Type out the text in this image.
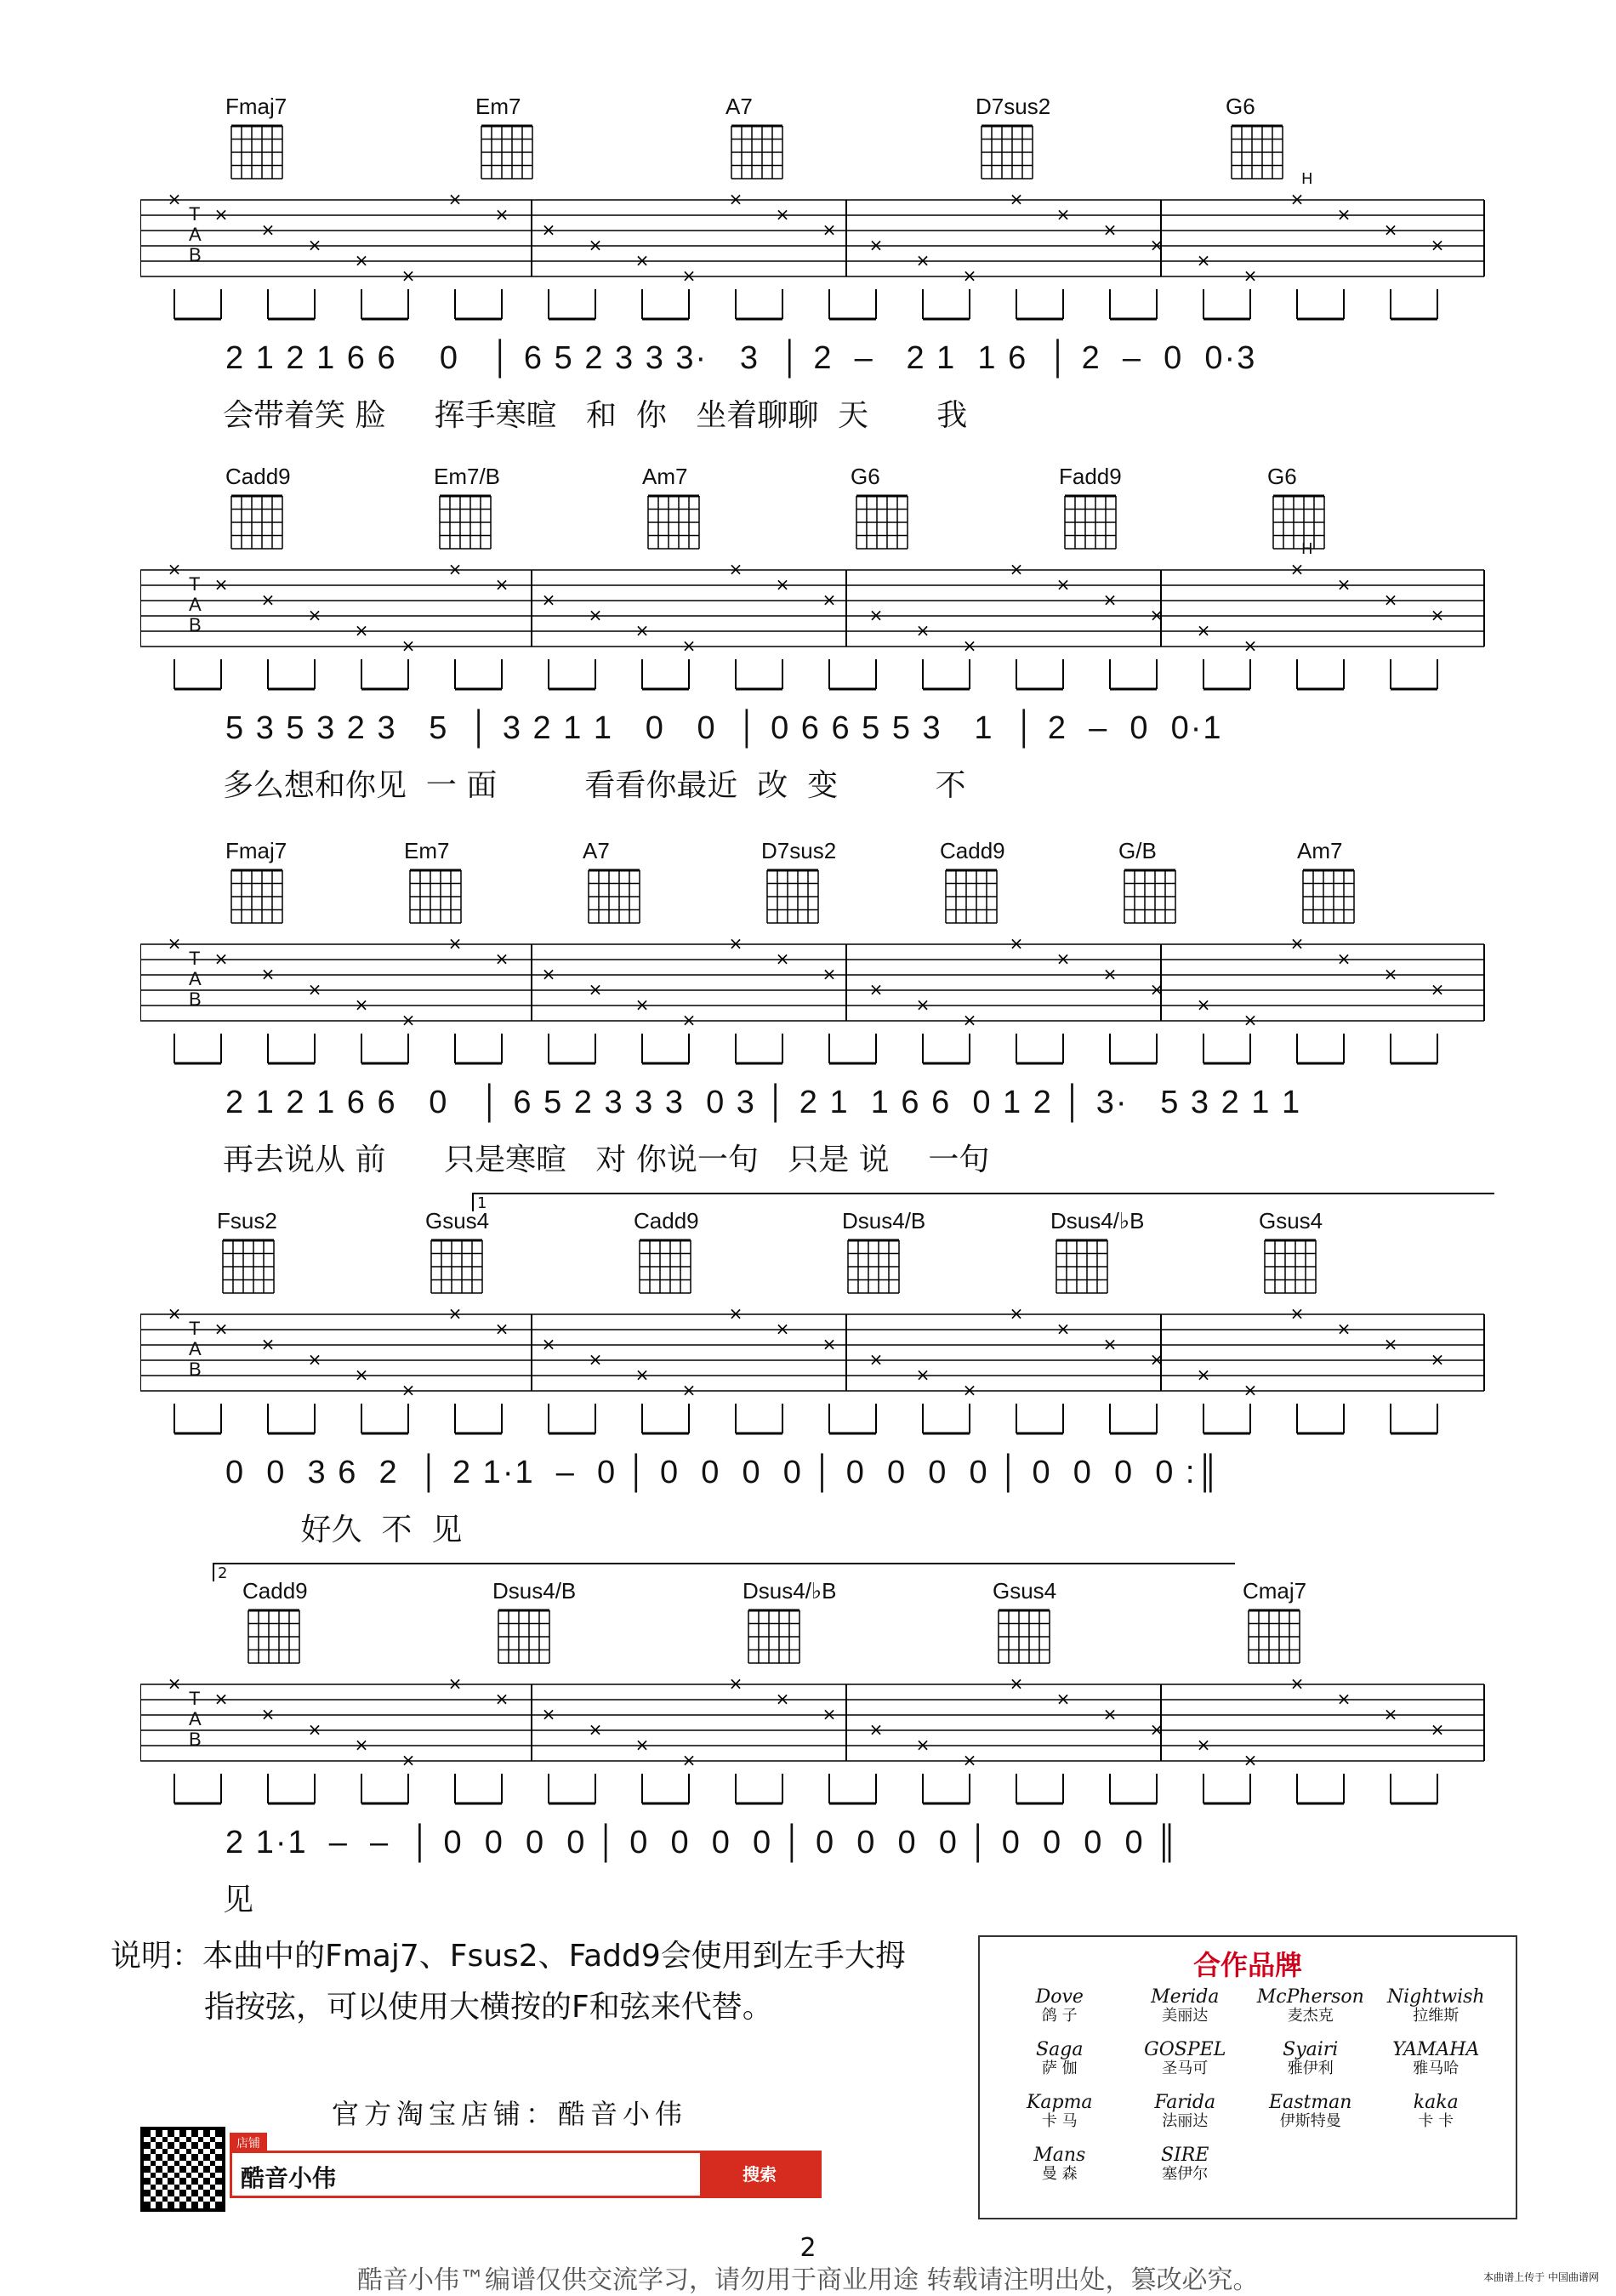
Fmaj7	Em7	A7	D7sus2	G6
×
×
×
×
×
×
×
×
×
×
×
×
×
×
×
×
×
×
×
×
×
×
×
×
×
×
×
×
T
A
B
H
2 1 2 1 6 6    0   │ 6 5 2 3 3 3·   3  │ 2  –   2 1  1 6  │ 2  –  0  0·3
会带着笑 脸     挥手寒暄   和  你   坐着聊聊  天       我
Cadd9	Em7/B	Am7	G6	Fadd9	G6
×
×
×
×
×
×
×
×
×
×
×
×
×
×
×
×
×
×
×
×
×
×
×
×
×
×
×
×
T
A
B
H
5 3 5 3 2 3   5  │ 3 2 1 1   0   0  │ 0 6 6 5 5 3   1  │ 2  –  0  0·1
多么想和你见  一 面         看看你最近  改  变          不
Fmaj7	Em7	A7	D7sus2	Cadd9	G/B	Am7
×
×
×
×
×
×
×
×
×
×
×
×
×
×
×
×
×
×
×
×
×
×
×
×
×
×
×
×
T
A
B
2 1 2 1 6 6   0   │ 6 5 2 3 3 3  0 3 │ 2 1  1 6 6  0 1 2 │ 3·   5 3 2 1 1
再去说从 前      只是寒暄   对 你说一句   只是 说    一句
Fsus2	Gsus4	Cadd9	Dsus4/B	Dsus4/♭B	Gsus4
1
×
×
×
×
×
×
×
×
×
×
×
×
×
×
×
×
×
×
×
×
×
×
×
×
×
×
×
×
T
A
B
0  0  3 6  2  │ 2 1·1  –  0 │ 0  0  0  0 │ 0  0  0  0 │ 0  0  0  0 :║
好久  不  见
Cadd9	Dsus4/B	Dsus4/♭B	Gsus4	Cmaj7
2
×
×
×
×
×
×
×
×
×
×
×
×
×
×
×
×
×
×
×
×
×
×
×
×
×
×
×
×
T
A
B
2 1·1  –  –  │ 0  0  0  0 │ 0  0  0  0 │ 0  0  0  0 │ 0  0  0  0 ║
见
说明：本曲中的Fmaj7、Fsus2、Fadd9会使用到左手大拇
指按弦，可以使用大横按的F和弦来代替。
合作品牌
Dove
鸽 子
Merida
美丽达
McPherson
麦杰克
Nightwish
拉维斯
Saga
萨 伽
GOSPEL
圣马可
Syairi
雅伊利
YAMAHA
雅马哈
Kapma
卡 马
Farida
法丽达
Eastman
伊斯特曼
kaka
卡 卡
Mans
曼 森
SIRE
塞伊尔
官方淘宝店铺：酷音小伟
店铺
酷音小伟	搜索
2
酷音小伟™编谱仅供交流学习，请勿用于商业用途 转载请注明出处，篡改必究。	本曲谱上传于 中国曲谱网
